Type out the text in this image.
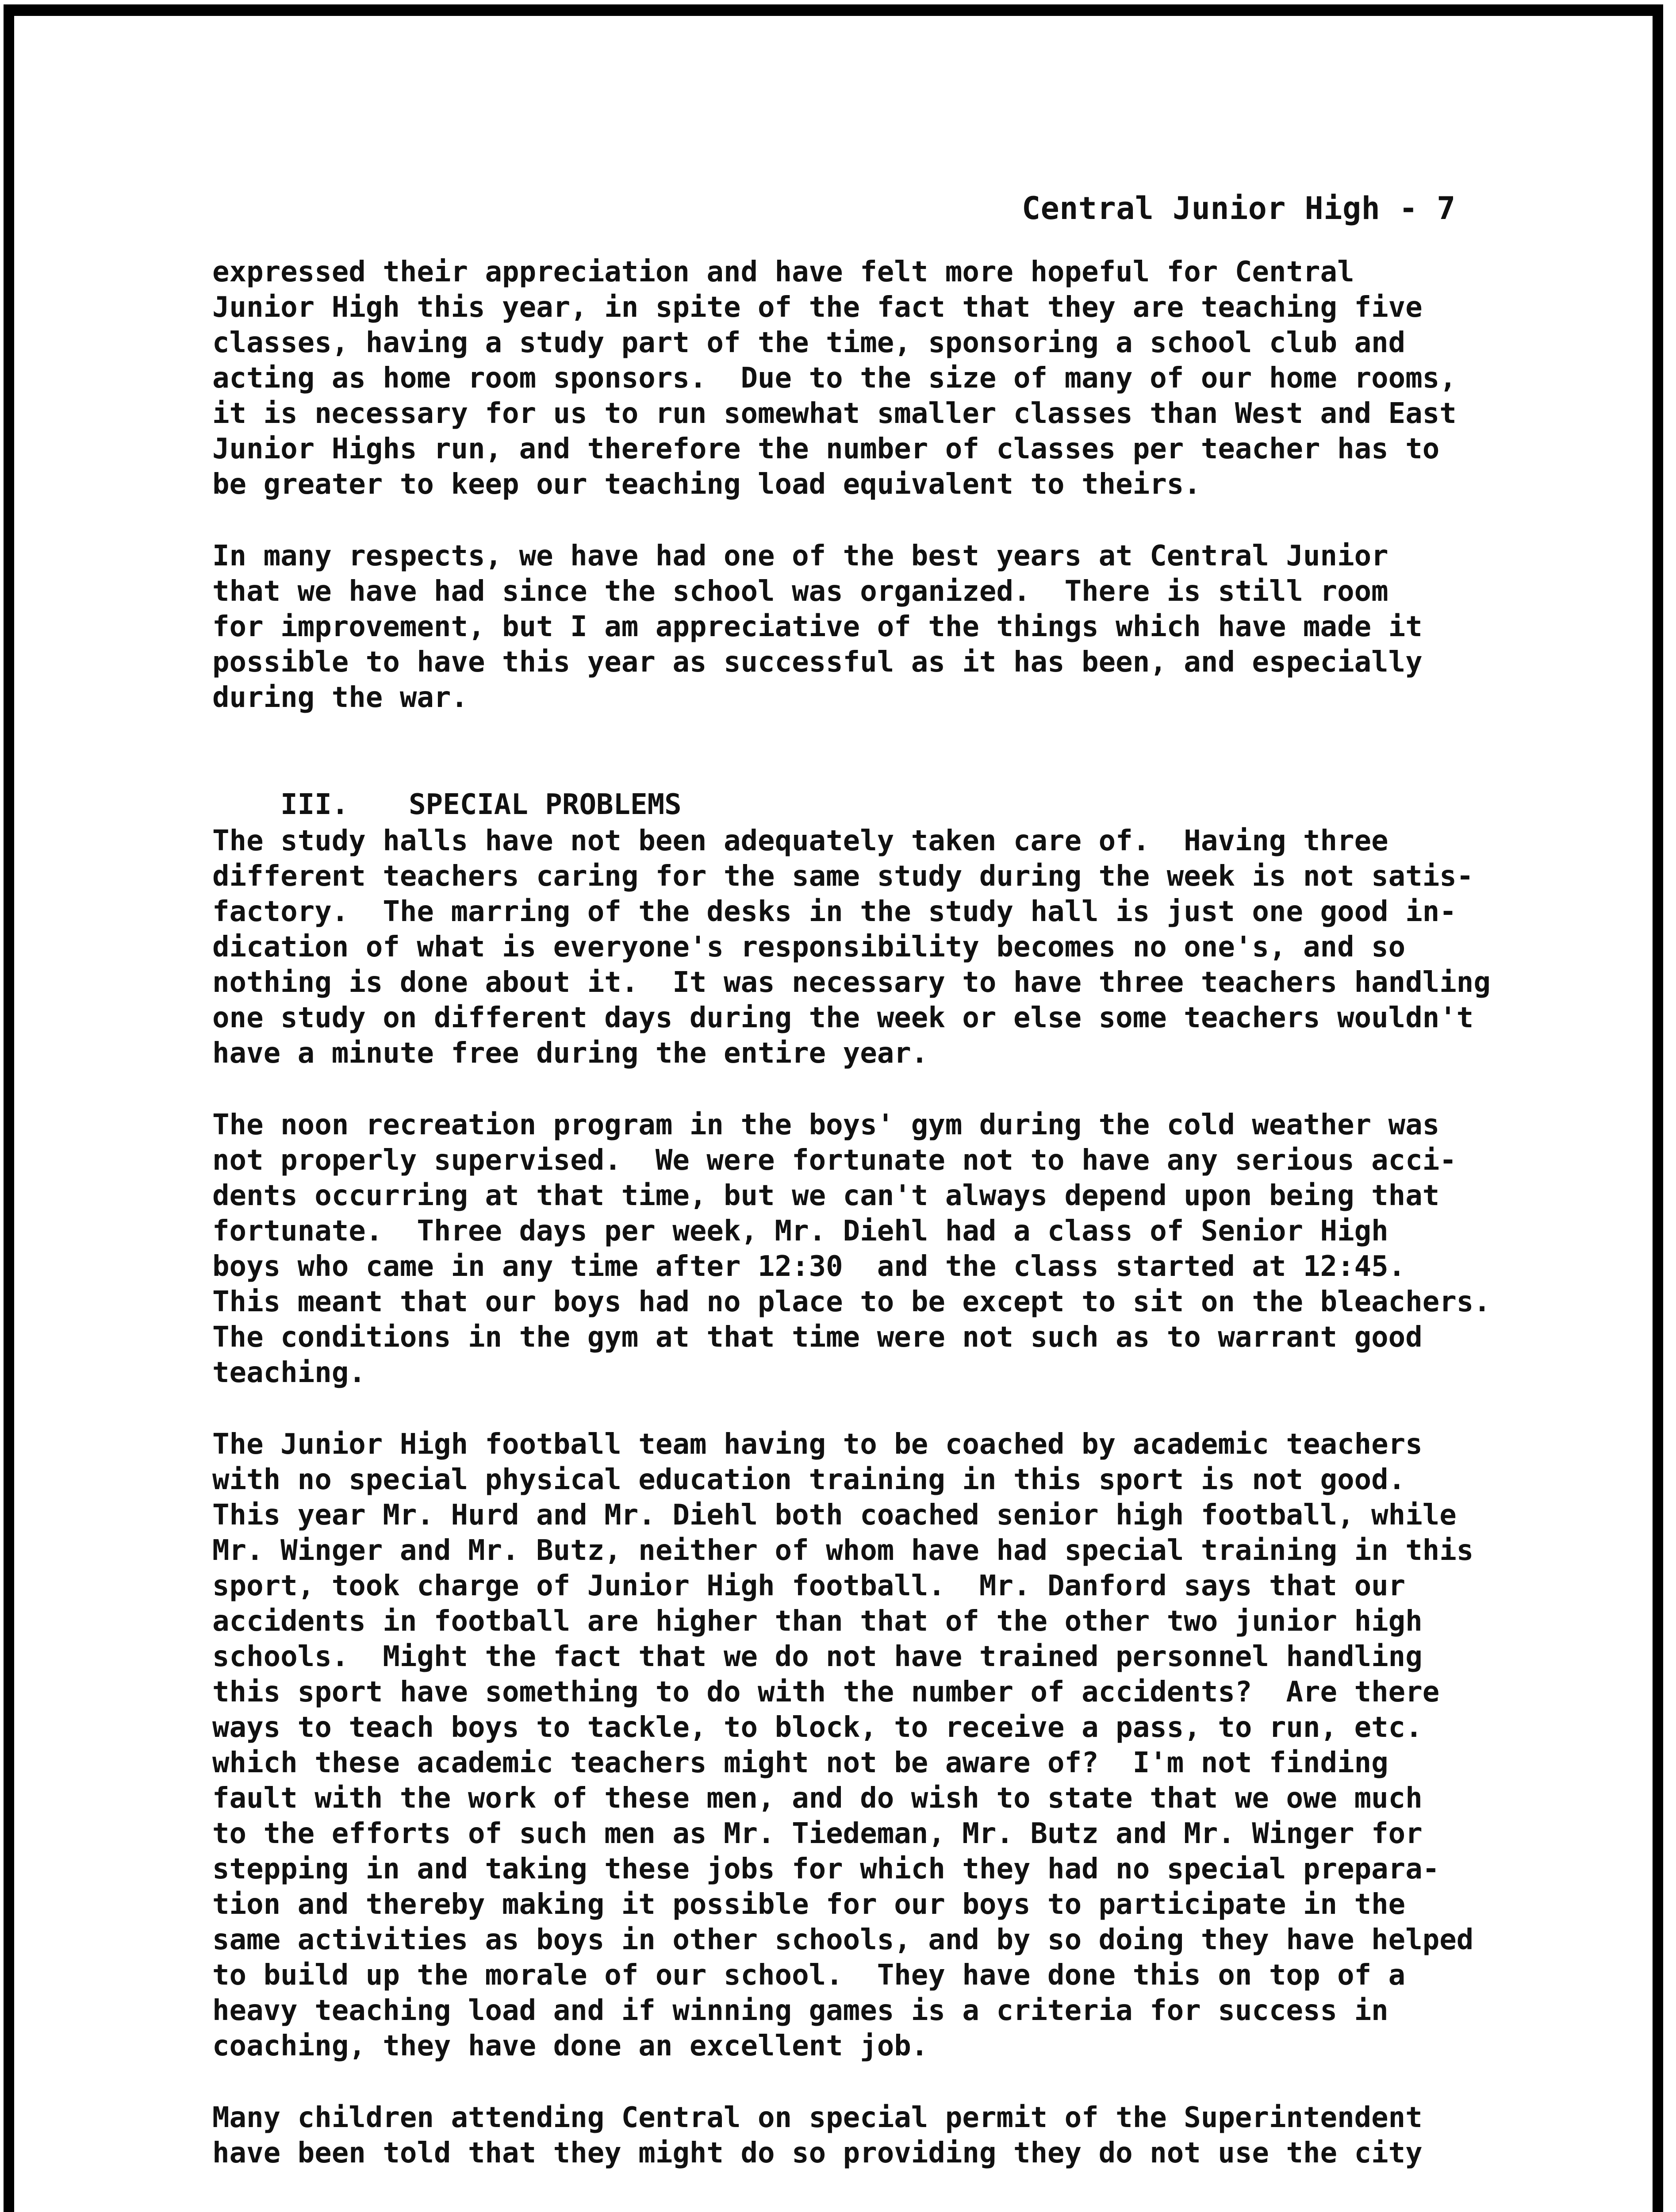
Central Junior High - 7
expressed their appreciation and have felt more hopeful for Central
Junior High this year, in spite of the fact that they are teaching five
classes, having a study part of the time, sponsoring a school club and
acting as home room sponsors.  Due to the size of many of our home rooms,
it is necessary for us to run somewhat smaller classes than West and East
Junior Highs run, and therefore the number of classes per teacher has to
be greater to keep our teaching load equivalent to theirs.
In many respects, we have had one of the best years at Central Junior
that we have had since the school was organized.  There is still room
for improvement, but I am appreciative of the things which have made it
possible to have this year as successful as it has been, and especially
during the war.

III. SPECIAL PROBLEMS

The study halls have not been adequately taken care of.  Having three
different teachers caring for the same study during the week is not satis-
factory.  The marring of the desks in the study hall is just one good in-
dication of what is everyone's responsibility becomes no one's, and so
nothing is done about it.  It was necessary to have three teachers handling
one study on different days during the week or else some teachers wouldn't
have a minute free during the entire year.
The noon recreation program in the boys' gym during the cold weather was
not properly supervised.  We were fortunate not to have any serious acci-
dents occurring at that time, but we can't always depend upon being that
fortunate.  Three days per week, Mr. Diehl had a class of Senior High
boys who came in any time after 12:30  and the class started at 12:45.
This meant that our boys had no place to be except to sit on the bleachers.
The conditions in the gym at that time were not such as to warrant good
teaching.
The Junior High football team having to be coached by academic teachers
with no special physical education training in this sport is not good.
This year Mr. Hurd and Mr. Diehl both coached senior high football, while
Mr. Winger and Mr. Butz, neither of whom have had special training in this
sport, took charge of Junior High football.  Mr. Danford says that our
accidents in football are higher than that of the other two junior high
schools.  Might the fact that we do not have trained personnel handling
this sport have something to do with the number of accidents?  Are there
ways to teach boys to tackle, to block, to receive a pass, to run, etc.
which these academic teachers might not be aware of?  I'm not finding
fault with the work of these men, and do wish to state that we owe much
to the efforts of such men as Mr. Tiedeman, Mr. Butz and Mr. Winger for
stepping in and taking these jobs for which they had no special prepara-
tion and thereby making it possible for our boys to participate in the
same activities as boys in other schools, and by so doing they have helped
to build up the morale of our school.  They have done this on top of a
heavy teaching load and if winning games is a criteria for success in
coaching, they have done an excellent job.
Many children attending Central on special permit of the Superintendent
have been told that they might do so providing they do not use the city
